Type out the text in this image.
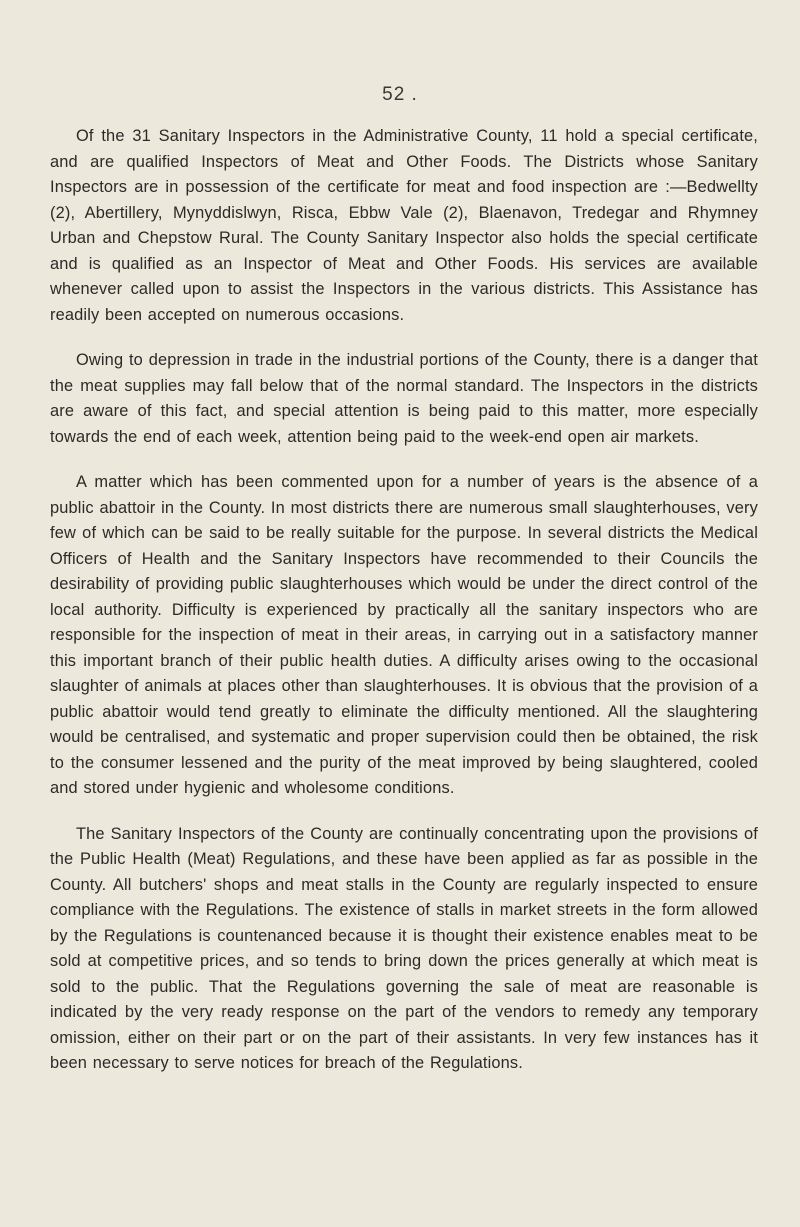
52 .

Of the 31 Sanitary Inspectors in the Administrative County, 11 hold a special certificate, and are qualified Inspectors of Meat and Other Foods. The Districts whose Sanitary Inspectors are in possession of the certificate for meat and food inspection are :—Bedwellty (2), Abertillery, Mynyddislwyn, Risca, Ebbw Vale (2), Blaenavon, Tredegar and Rhymney Urban and Chepstow Rural. The County Sanitary Inspector also holds the special certificate and is qualified as an Inspector of Meat and Other Foods. His services are available whenever called upon to assist the Inspectors in the various districts. This Assistance has readily been accepted on numerous occasions.

Owing to depression in trade in the industrial portions of the County, there is a danger that the meat supplies may fall below that of the normal standard. The Inspectors in the districts are aware of this fact, and special attention is being paid to this matter, more especially towards the end of each week, attention being paid to the week-end open air markets.

A matter which has been commented upon for a number of years is the absence of a public abattoir in the County. In most districts there are numerous small slaughterhouses, very few of which can be said to be really suitable for the purpose. In several districts the Medical Officers of Health and the Sanitary Inspectors have recommended to their Councils the desirability of providing public slaughterhouses which would be under the direct control of the local authority. Difficulty is experienced by practically all the sanitary inspectors who are responsible for the inspection of meat in their areas, in carrying out in a satisfactory manner this important branch of their public health duties. A difficulty arises owing to the occasional slaughter of animals at places other than slaughterhouses. It is obvious that the provision of a public abattoir would tend greatly to eliminate the difficulty mentioned. All the slaughtering would be centralised, and systematic and proper supervision could then be obtained, the risk to the consumer lessened and the purity of the meat improved by being slaughtered, cooled and stored under hygienic and wholesome conditions.

The Sanitary Inspectors of the County are continually concentrating upon the provisions of the Public Health (Meat) Regulations, and these have been applied as far as possible in the County. All butchers' shops and meat stalls in the County are regularly inspected to ensure compliance with the Regulations. The existence of stalls in market streets in the form allowed by the Regulations is countenanced because it is thought their existence enables meat to be sold at competitive prices, and so tends to bring down the prices generally at which meat is sold to the public. That the Regulations governing the sale of meat are reasonable is indicated by the very ready response on the part of the vendors to remedy any temporary omission, either on their part or on the part of their assistants. In very few instances has it been necessary to serve notices for breach of the Regulations.
